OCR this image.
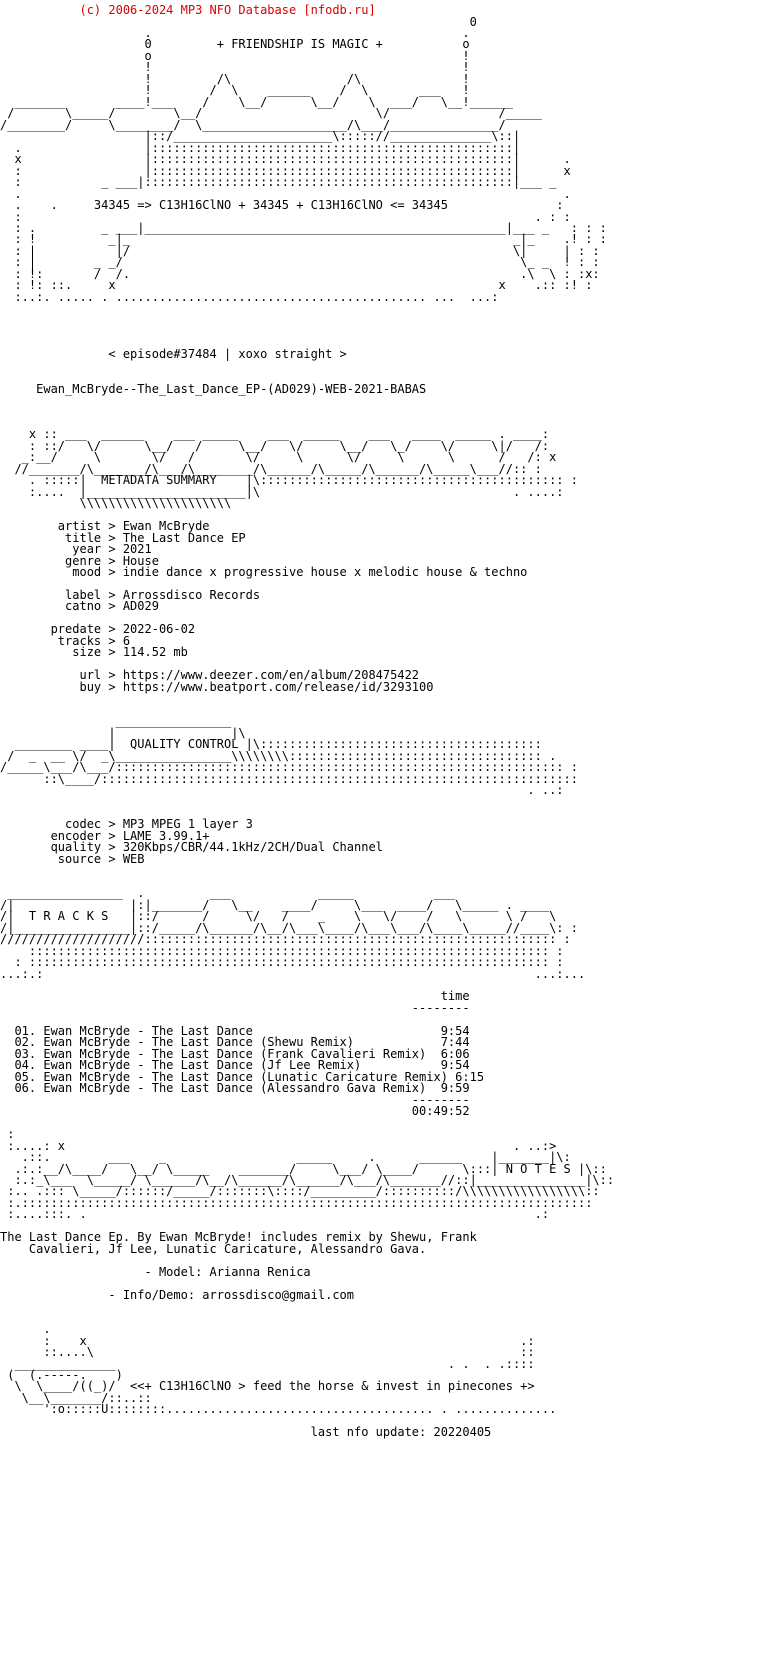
(c) 2006-2024 MP3 NFO Database [nfodb.ru]
0
.                                           .
0         + FRIENDSHIP IS MAGIC +           o
o                                           !
!                                           !
!         /\                /\              !
!        /  \    ______    /  \       ___   !
_______       ____!___    /    \__/      \__/    \  ___/   \__!______
/       \_____/        \__/                        \/               /_____
/________/     \________/  \____________________/\___/_______________/
|::/______________________\::::://______________\::|
.                 |::::::::::::::::::::::::::::::::::::::::::::::::::|
x                 |::::::::::::::::::::::::::::::::::::::::::::::::::|      .
:                 |::::::::::::::::::::::::::::::::::::::::::::::::::|      x
:           _ ___|:::::::::::::::::::::::::::::::::::::::::::::::::::|___ _
.                                                                           .
.    .     34345 => C13H16ClNO + 34345 + C13H16ClNO <= 34345               :
:                                                                       . : :
: .         _ ___|__________________________________________________|___ _   : : :
: !          _|_                                                     _|_    .! : :
: |           |/                                                     \|     | : :
: |        _ _/                                                       \_ _  ! : :
: !:       /  /.                                                      .\  \ : :x:
: !: ::.     x                                                     x    .:: :! :
:..:. ..... . ........................................... ...  ...:
< episode#37484 | xoxo straight >
Ewan_McBryde--The_Last_Dance_EP-(AD029)-WEB-2021-BABAS
x :: ___  ______    ___ _____    ___  _____    ___   ____  _____ . ____:
: ::/   \/      \__/   /     \__/   \/     \__/   \_/    \/     \|/   /:
_:__/     \       \/   /       \/     \      \/     \      \      /   /: x
//_______/\_______/\___/\________/\______/\_____/\______/\_____\___//:: :
. :::::|  METADATA SUMMARY    |\:::::::::::::::::::::::::::::::::::::::::: :
:....  |______________________|\                                   . ....:
\\\\\\\\\\\\\\\\\\\\\
artist > Ewan McBryde
title > The Last Dance EP
year > 2021
genre > House
mood > indie dance x progressive house x melodic house & techno
label > Arrossdisco Records
catno > AD029
predate > 2022-06-02
tracks > 6
size > 114.52 mb
url > https://www.deezer.com/en/album/208475422
buy > https://www.beatport.com/release/id/3293100
________________
|                |\
________ ____|  QUALITY CONTROL |\:::::::::::::::::::::::::::::::::::::::
/  _  __ \/  _\________________\\\\\\\\::::::::::::::::::::::::::::::::::: .
/_____\___/\___/:::::::::::::::::::::::::::::::::::::::::::::::::::::::::::::: :
::\____/::::::::::::::::::::::::::::::::::::::::::::::::::::::::::::::::::
. ..:
codec > MP3 MPEG 1 layer 3
encoder > LAME 3.99.1+
quality > 320Kbps/CBR/44.1kHz/2CH/Dual Channel
source > WEB
________________  .         ___            _____           ___
/|                |:|_______/   \__    ____/     \___  ____/   \_____ . ____
/|  T R A C K S   |::/      /     \/   /    _    \   \/    /   \      \ /   \
/|________________|::/_____/\______/\__/\___\____/\___\___/\____\_____//____\: :
////////////////////::::::::::::::::::::::::::::::::::::::::::::::::::::::::: :
:::::::::::::::::::::::::::::::::::::::::::::::::::::::::::::::::::::::: :
: :::::::::::::::::::::::::::::::::::::::::::::::::::::::::::::::::::::::: :
...:.:                                                                    ...:...
time
--------
01. Ewan McBryde - The Last Dance                          9:54
02. Ewan McBryde - The Last Dance (Shewu Remix)            7:44
03. Ewan McBryde - The Last Dance (Frank Cavalieri Remix)  6:06
04. Ewan McBryde - The Last Dance (Jf Lee Remix)           9:54
05. Ewan McBryde - The Last Dance (Lunatic Caricature Remix) 6:15
06. Ewan McBryde - The Last Dance (Alessandro Gava Remix)  9:59
--------
00:49:52
:
:....: x                                                              . ..:>
.::.        ___    _                  _____     .      ______    |_______|\:
.:.:__/\____/   \__/ \_____    _______/     \___/ \____/      \:::| N O T E S |\::
:.:_\___  \_____/ \______/\__/\______/\______/\___/\_______//::|_______________|\::
:.. .::: \_____/::::::/_____/:::::::\::::/_________/::::::::::/\\\\\\\\\\\\\\\\\::
:.:::::::::::::::::::::::::::::::::::::::::::::::::::::::::::::::::::::::::::::::
:....:::. .                                                              .:
The Last Dance Ep. By Ewan McBryde! includes remix by Shewu, Frank
Cavalieri, Jf Lee, Lunatic Caricature, Alessandro Gava.
- Model: Arianna Renica
- Info/Demo: arrossdisco@gmail.com
.
:    x                                                            .:
::....\                                                           ::
______________                                              . .  . .::::
(  (.-----.    )
\  \____/((_)/  <<+ C13H16ClNO > feed the horse & invest in pinecones +>
\__\_______/::..::
':o:::::U::::::::..................................... . ..............
last nfo update: 20220405
